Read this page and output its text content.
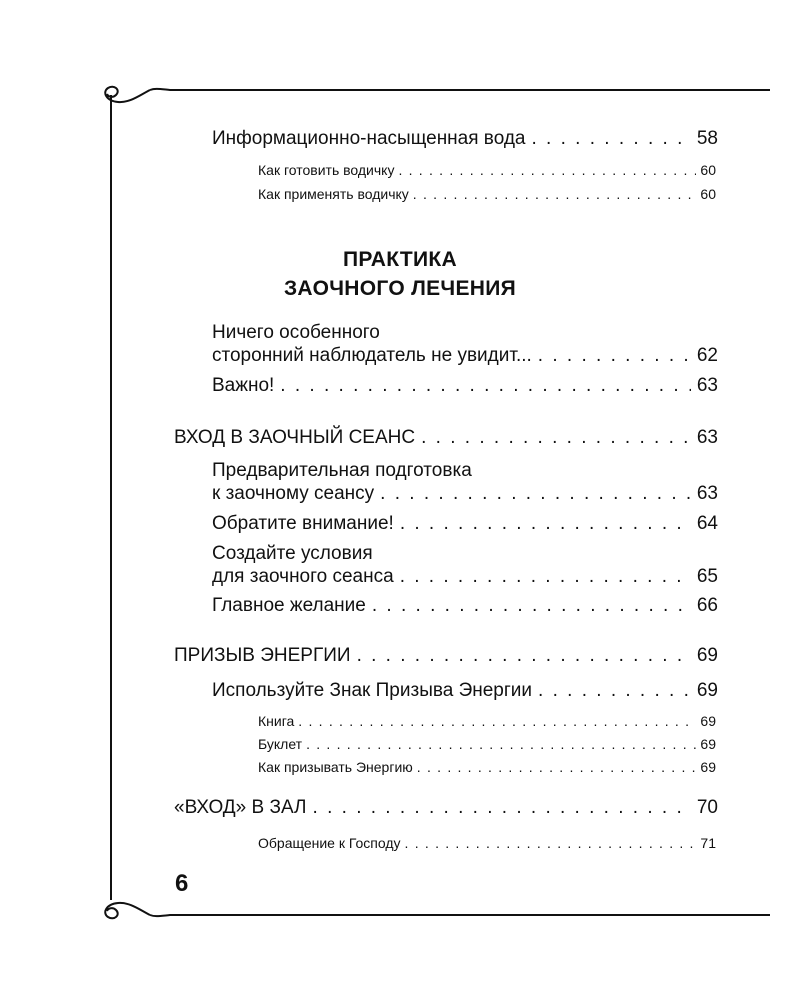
Информационно-насыщенная вода . . .	58
Как готовить водичку . . .	60
Как применять водичку . . .	60
ПРАКТИКА
ЗАОЧНОГО ЛЕЧЕНИЯ
Ничего особенного
сторонний наблюдатель не увидит... . . .	62
Важно! . . .	63
ВХОД В ЗАОЧНЫЙ СЕАНС . . .	63
Предварительная подготовка
к заочному сеансу . . .	63
Обратите внимание! . . .	64
Создайте условия
для заочного сеанса . . .	65
Главное желание . . .	66
ПРИЗЫВ ЭНЕРГИИ . . .	69
Используйте Знак Призыва Энергии . . .	69
Книга . . .	69
Буклет . . .	69
Как призывать Энергию . . .	69
«ВХОД» В ЗАЛ . . .	70
Обращение к Господу . . .	71
6
